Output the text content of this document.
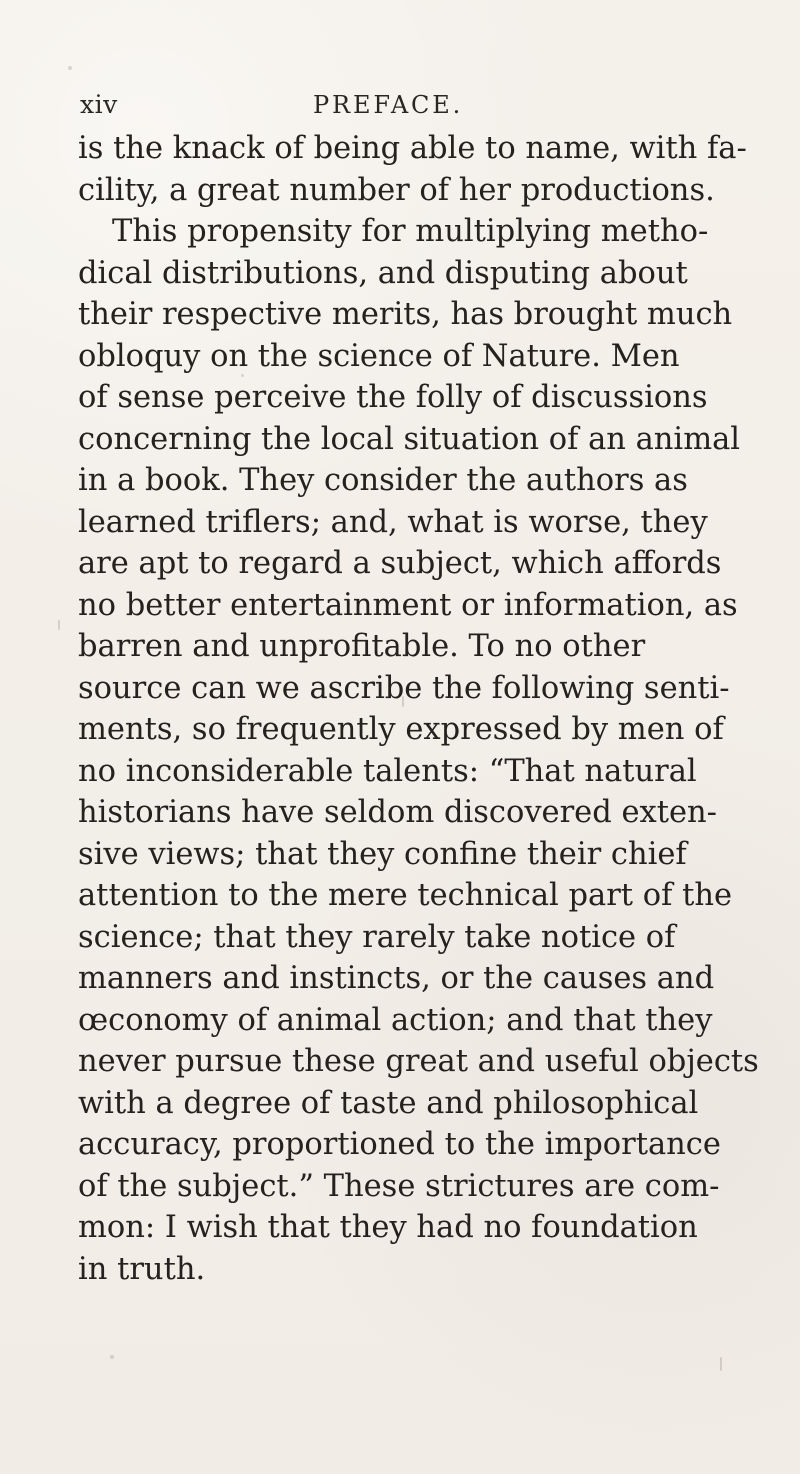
xiv	PREFACE.
is the knack of being able to name, with fa-
cility, a great number of her productions.
This propensity for multiplying metho-
dical distributions, and disputing about
their respective merits, has brought much
obloquy on the science of Nature. Men
of sense perceive the folly of discussions
concerning the local situation of an animal
in a book. They consider the authors as
learned triflers; and, what is worse, they
are apt to regard a subject, which affords
no better entertainment or information, as
barren and unprofitable. To no other
source can we ascribe the following senti-
ments, so frequently expressed by men of
no inconsiderable talents: “That natural
historians have seldom discovered exten-
sive views; that they confine their chief
attention to the mere technical part of the
science; that they rarely take notice of
manners and instincts, or the causes and
œconomy of animal action; and that they
never pursue these great and useful objects
with a degree of taste and philosophical
accuracy, proportioned to the importance
of the subject.” These strictures are com-
mon: I wish that they had no foundation
in truth.
